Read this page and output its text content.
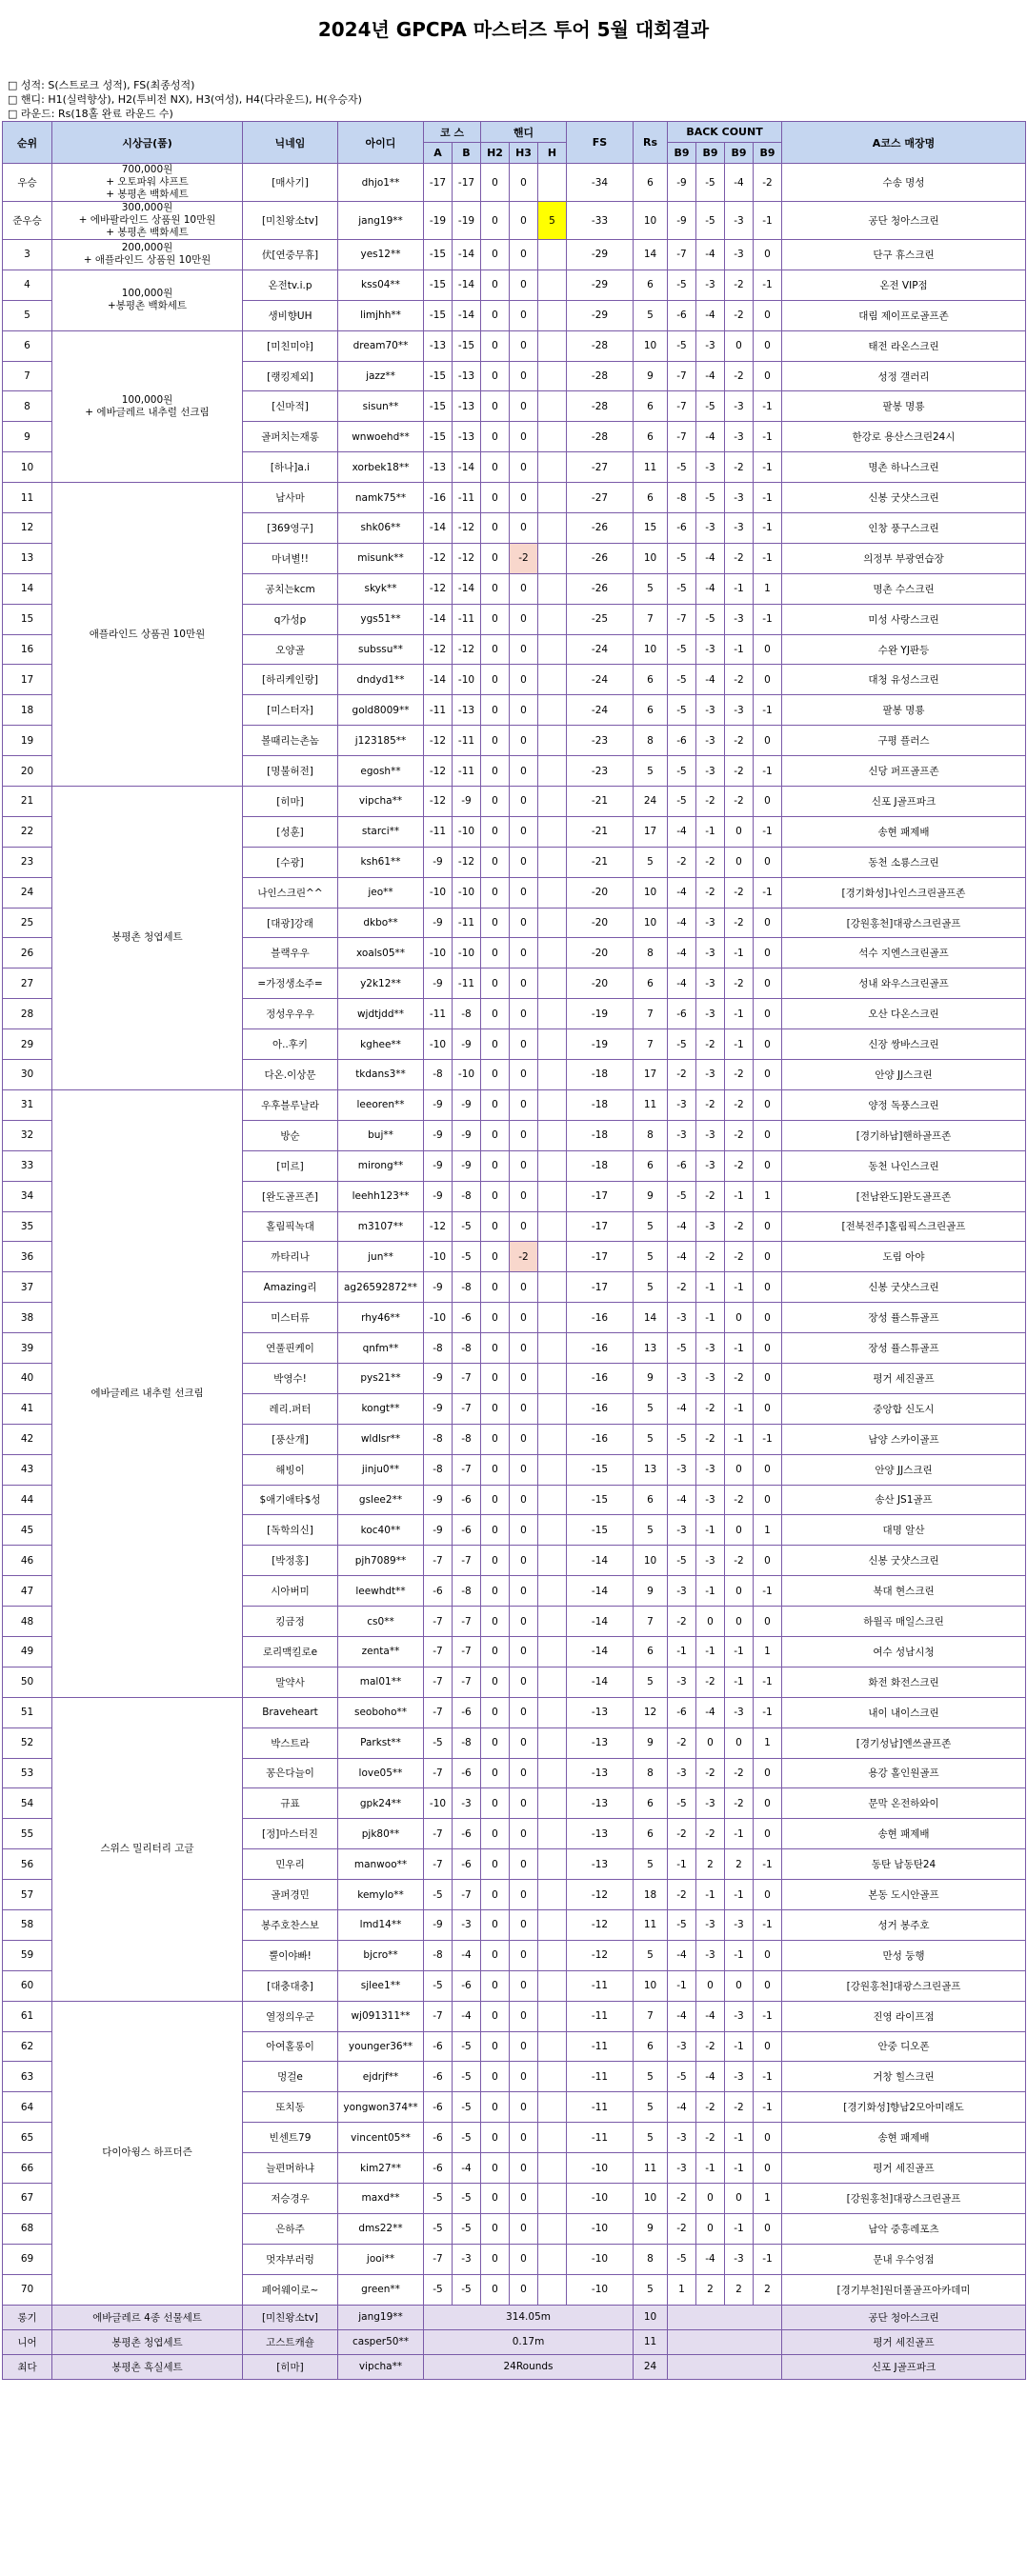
2024년 GPCPA 마스터즈 투어 5월 대회결과
□ 성적: S(스트로크 성적), FS(최종성적)
□ 핸디: H1(실력향상), H2(투비전 NX), H3(여성), H4(다라운드), H(우승자)
□ 라운드: Rs(18홀 완료 라운드 수)
순위	시상금(품)	닉네임	아이디	코 스		핸디			FS	Rs	BACK COUNT				A코스 매장명
				A	B	H2	H3	H			B9	B9	B9	B9	
우승	700,000원
+ 오토파워 샤프트
+ 봉평촌 백화세트	[매사기]	dhjo1**	-17	-17	0	0		-34	6	-9	-5	-4	-2	수송 명성
준우승	300,000원
+ 에바팔라인드 상품원 10만원
+ 봉평촌 백화세트	[미친왕소tv]	jang19**	-19	-19	0	0	5	-33	10	-9	-5	-3	-1	공단 청아스크린
3	200,000원
+ 애플라인드 상품원 10만원	伏[연중무휴]	yes12**	-15	-14	0	0		-29	14	-7	-4	-3	0	단구 휴스크린
4	100,000원
+봉평촌 백화세트	온전tv.i.p	kss04**	-15	-14	0	0		-29	6	-5	-3	-2	-1	온전 VIP점
5		생비향UH	limjhh**	-15	-14	0	0		-29	5	-6	-4	-2	0	대림 제이프로골프존
6	100,000원
+ 에바글레르 내추럴 선크림	[미친미야]	dream70**	-13	-15	0	0		-28	10	-5	-3	0	0	태전 라온스크린
7		[랭킹제외]	jazz**	-15	-13	0	0		-28	9	-7	-4	-2	0	성정 갤러리
8		[신마적]	sisun**	-15	-13	0	0		-28	6	-7	-5	-3	-1	팔봉 명룡
9		골퍼치는재롱	wnwoehd**	-15	-13	0	0		-28	6	-7	-4	-3	-1	한강로 용산스크린24시
10		[하나]a.i	xorbek18**	-13	-14	0	0		-27	11	-5	-3	-2	-1	명촌 하나스크린
11	애플라인드 상품권 10만원	남사마	namk75**	-16	-11	0	0		-27	6	-8	-5	-3	-1	신봉 굿샷스크린
12		[369영구]	shk06**	-14	-12	0	0		-26	15	-6	-3	-3	-1	인창 풍구스크린
13		마녀별!!	misunk**	-12	-12	0	-2		-26	10	-5	-4	-2	-1	의정부 부광연습장
14		공치는kcm	skyk**	-12	-14	0	0		-26	5	-5	-4	-1	1	명촌 수스크린
15		q가성p	ygs51**	-14	-11	0	0		-25	7	-7	-5	-3	-1	미성 사랑스크린
16		오양골	subssu**	-12	-12	0	0		-24	10	-5	-3	-1	0	수완 YJ판등
17		[하리케인랑]	dndyd1**	-14	-10	0	0		-24	6	-5	-4	-2	0	대청 유성스크린
18		[미스터자]	gold8009**	-11	-13	0	0		-24	6	-5	-3	-3	-1	팔봉 명룡
19		볼때리는촌놈	j123185**	-12	-11	0	0		-23	8	-6	-3	-2	0	구평 플러스
20		[명불허전]	egosh**	-12	-11	0	0		-23	5	-5	-3	-2	-1	신당 퍼프골프존
21	봉평촌 청엽세트	[히마]	vipcha**	-12	-9	0	0		-21	24	-5	-2	-2	0	신포 J골프파크
22		[성훈]	starci**	-11	-10	0	0		-21	17	-4	-1	0	-1	송현 패제배
23		[수광]	ksh61**	-9	-12	0	0		-21	5	-2	-2	0	0	동천 소룡스크린
24		나인스크린^^	jeo**	-10	-10	0	0		-20	10	-4	-2	-2	-1	[경기화성]나인스크린골프존
25		[대광]강래	dkbo**	-9	-11	0	0		-20	10	-4	-3	-2	0	[강원홍천]대광스크린골프
26		블랙우우	xoals05**	-10	-10	0	0		-20	8	-4	-3	-1	0	석수 지엔스크린골프
27		=가정생소주=	y2k12**	-9	-11	0	0		-20	6	-4	-3	-2	0	성내 와우스크린골프
28		정성우우우	wjdtjdd**	-11	-8	0	0		-19	7	-6	-3	-1	0	오산 다온스크린
29		아..후키	kghee**	-10	-9	0	0		-19	7	-5	-2	-1	0	신장 쌍바스크린
30		다온.이상문	tkdans3**	-8	-10	0	0		-18	17	-2	-3	-2	0	안양 JJ스크린
31	에바글레르 내추럴 선크림	우후블루날라	leeoren**	-9	-9	0	0		-18	11	-3	-2	-2	0	양정 독풍스크린
32		방순	buj**	-9	-9	0	0		-18	8	-3	-3	-2	0	[경기하남]핸하골프존
33		[미르]	mirong**	-9	-9	0	0		-18	6	-6	-3	-2	0	동천 나인스크린
34		[완도골프존]	leehh123**	-9	-8	0	0		-17	9	-5	-2	-1	1	[전남완도]완도골프존
35		홀림픽녹대	m3107**	-12	-5	0	0		-17	5	-4	-3	-2	0	[전북전주]홀림픽스크린골프
36		까타리나	jun**	-10	-5	0	-2		-17	5	-4	-2	-2	0	도림 아야
37		Amazing리	ag26592872**	-9	-8	0	0		-17	5	-2	-1	-1	0	신봉 굿샷스크린
38		미스터류	rhy46**	-10	-6	0	0		-16	14	-3	-1	0	0	장성 퓰스튜골프
39		연풀핀케이	qnfm**	-8	-8	0	0		-16	13	-5	-3	-1	0	장성 퓰스튜골프
40		박영수!	pys21**	-9	-7	0	0		-16	9	-3	-3	-2	0	평거 세진골프
41		레리.퍼터	kongt**	-9	-7	0	0		-16	5	-4	-2	-1	0	중앙합 신도시
42		[풍산개]	wldlsr**	-8	-8	0	0		-16	5	-5	-2	-1	-1	남양 스카이골프
43		해빙이	jinju0**	-8	-7	0	0		-15	13	-3	-3	0	0	안양 JJ스크린
44		$애기애타$성	gslee2**	-9	-6	0	0		-15	6	-4	-3	-2	0	송산 JS1골프
45		[독학의신]	koc40**	-9	-6	0	0		-15	5	-3	-1	0	1	대명 알산
46		[박정홍]	pjh7089**	-7	-7	0	0		-14	10	-5	-3	-2	0	신봉 굿샷스크린
47		시아버미	leewhdt**	-6	-8	0	0		-14	9	-3	-1	0	-1	북대 현스크린
48		킹금정	cs0**	-7	-7	0	0		-14	7	-2	0	0	0	하월곡 매일스크린
49		로리맥킬로e	zenta**	-7	-7	0	0		-14	6	-1	-1	-1	1	여수 성남시청
50		말약사	mal01**	-7	-7	0	0		-14	5	-3	-2	-1	-1	화전 화전스크린
51	스위스 밀리터리 고글	Braveheart	seoboho**	-7	-6	0	0		-13	12	-6	-4	-3	-1	내이 내이스크린
52		박스트라	Parkst**	-5	-8	0	0		-13	9	-2	0	0	1	[경기성남]엔쓰골프존
53		꽁은다늘이	love05**	-7	-6	0	0		-13	8	-3	-2	-2	0	용강 홀인원골프
54		규표	gpk24**	-10	-3	0	0		-13	6	-5	-3	-2	0	문막 온전하와이
55		[정]마스터진	pjk80**	-7	-6	0	0		-13	6	-2	-2	-1	0	송현 패제배
56		민우리	manwoo**	-7	-6	0	0		-13	5	-1	2	2	-1	동탄 남동탄24
57		골퍼경민	kemylo**	-5	-7	0	0		-12	18	-2	-1	-1	0	본동 도시안골프
58		봉주호찬스보	lmd14**	-9	-3	0	0		-12	11	-5	-3	-3	-1	성거 봉주호
59		뿔이야빠!	bjcro**	-8	-4	0	0		-12	5	-4	-3	-1	0	만성 둥행
60		[대충대충]	sjlee1**	-5	-6	0	0		-11	10	-1	0	0	0	[강원홍천]대광스크린골프
61	다이아윙스 하프더즌	열정의우군	wj091311**	-7	-4	0	0		-11	7	-4	-4	-3	-1	진영 라이프점
62		아여홀롱이	younger36**	-6	-5	0	0		-11	6	-3	-2	-1	0	안중 디오폰
63		멍걸e	ejdrjf**	-6	-5	0	0		-11	5	-5	-4	-3	-1	거창 힐스크린
64		또치동	yongwon374**	-6	-5	0	0		-11	5	-4	-2	-2	-1	[경기화성]향남2모아미래도
65		빈센트79	vincent05**	-6	-5	0	0		-11	5	-3	-2	-1	0	송현 패제배
66		늘편머하냐	kim27**	-6	-4	0	0		-10	11	-3	-1	-1	0	평거 세진골프
67		저승경우	maxd**	-5	-5	0	0		-10	10	-2	0	0	1	[강원홍천]대광스크린골프
68		은하주	dms22**	-5	-5	0	0		-10	9	-2	0	-1	0	남악 중흥레포츠
69		멋쟈부러렁	jooi**	-7	-3	0	0		-10	8	-5	-4	-3	-1	문내 우수엉점
70		페어웨이로~	green**	-5	-5	0	0		-10	5	1	2	2	2	[경기부천]원더풀골프아카데미
롱기	에바글레르 4종 선물세트	[미친왕소tv]	jang19**	314.05m						10					공단 청아스크린
니어	봉평촌 청엽세트	고스트캐숄	casper50**	0.17m						11					평거 세진골프
최다	봉평촌 흑실세트	[히마]	vipcha**	24Rounds						24					신포 J골프파크
